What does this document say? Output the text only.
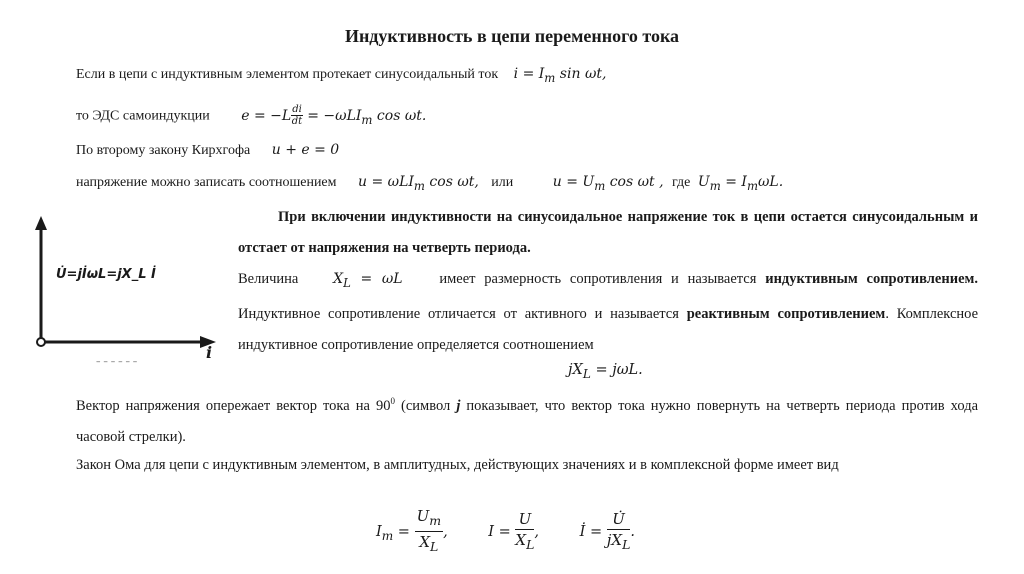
Индуктивность в цепи переменного тока
Если в цепи с индуктивным элементом протекает синусоидальный ток $i = I_m$ sin ωt,
то ЭДС самоиндукции $e = -L \frac{di}{dt} = -\omega LI_m$ cos ωt.
По второму закону Кирхгофа u + e = 0
напряжение можно записать соотношением u = ωLI$_m$ cos ωt, или	$u = U_m$ cos ωt , где $U_m = I_m\omega L$.
U̇=jİωL=jX_L İ
i
– – – – – –
При включении индуктивности на синусоидальное напряжение ток в цепи остается синусоидальным и отстает от напряжения на четверть периода.
Величина $X_L = \omega L$	имеет размерность сопротивления и называется индуктивным сопротивлением. Индуктивное сопротивление отличается от активного и называется реактивным сопротивлением. Комплексное индуктивное сопротивление определяется соотношением
$jX_L = j\omega L$.
Вектор напряжения опережает вектор тока на $90^0$ (символ j показывает, что вектор тока нужно повернуть на четверть периода против хода часовой стрелки).
Закон Ома для цепи с индуктивным элементом, в амплитудных, действующих значениях и в комплексной форме имеет вид
$I_m = \frac{U_m}{X_L}$ ,	$I = \frac{U}{X_L}$ ,	İ = $\frac{U̇}{jX_L}$ .
